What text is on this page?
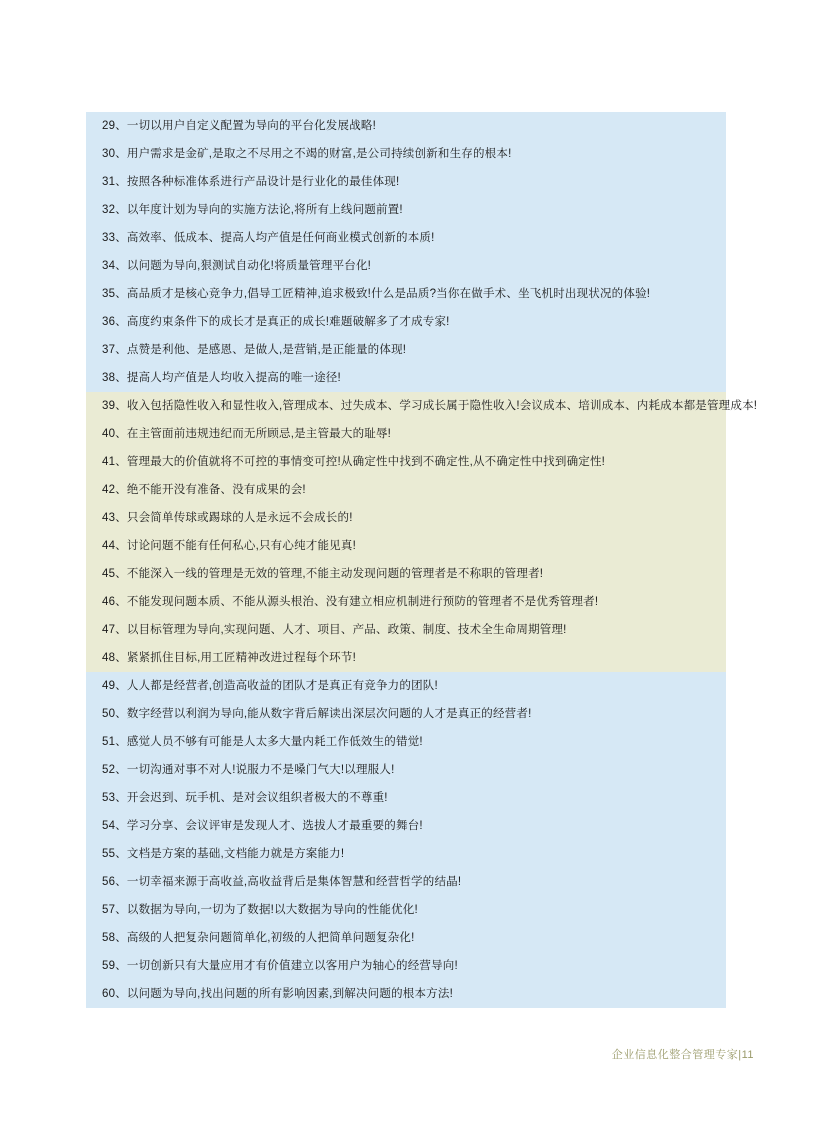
29、一切以用户自定义配置为导向的平台化发展战略!
30、用户需求是金矿,是取之不尽用之不竭的财富,是公司持续创新和生存的根本!
31、按照各种标准体系进行产品设计是行业化的最佳体现!
32、以年度计划为导向的实施方法论,将所有上线问题前置!
33、高效率、低成本、提高人均产值是任何商业模式创新的本质!
34、以问题为导向,狠测试自动化!将质量管理平台化!
35、高品质才是核心竞争力,倡导工匠精神,追求极致!什么是品质?当你在做手术、坐飞机时出现状况的体验!
36、高度约束条件下的成长才是真正的成长!难题破解多了才成专家!
37、点赞是利他、是感恩、是做人,是营销,是正能量的体现!
38、提高人均产值是人均收入提高的唯一途径!
39、收入包括隐性收入和显性收入,管理成本、过失成本、学习成长属于隐性收入!会议成本、培训成本、内耗成本都是管理成本!
40、在主管面前违规违纪而无所顾忌,是主管最大的耻辱!
41、管理最大的价值就将不可控的事情变可控!从确定性中找到不确定性,从不确定性中找到确定性!
42、绝不能开没有准备、没有成果的会!
43、只会简单传球或踢球的人是永远不会成长的!
44、讨论问题不能有任何私心,只有心纯才能见真!
45、不能深入一线的管理是无效的管理,不能主动发现问题的管理者是不称职的管理者!
46、不能发现问题本质、不能从源头根治、没有建立相应机制进行预防的管理者不是优秀管理者!
47、以目标管理为导向,实现问题、人才、项目、产品、政策、制度、技术全生命周期管理!
48、紧紧抓住目标,用工匠精神改进过程每个环节!
49、人人都是经营者,创造高收益的团队才是真正有竞争力的团队!
50、数字经营以利润为导向,能从数字背后解读出深层次问题的人才是真正的经营者!
51、感觉人员不够有可能是人太多大量内耗工作低效生的错觉!
52、一切沟通对事不对人!说服力不是嗓门气大!以理服人!
53、开会迟到、玩手机、是对会议组织者极大的不尊重!
54、学习分享、会议评审是发现人才、选拔人才最重要的舞台!
55、文档是方案的基础,文档能力就是方案能力!
56、一切幸福来源于高收益,高收益背后是集体智慧和经营哲学的结晶!
57、以数据为导向,一切为了数据!以大数据为导向的性能优化!
58、高级的人把复杂问题简单化,初级的人把简单问题复杂化!
59、一切创新只有大量应用才有价值建立以客用户为轴心的经营导向!
60、以问题为导向,找出问题的所有影响因素,到解决问题的根本方法!
企业信息化整合管理专家|11
